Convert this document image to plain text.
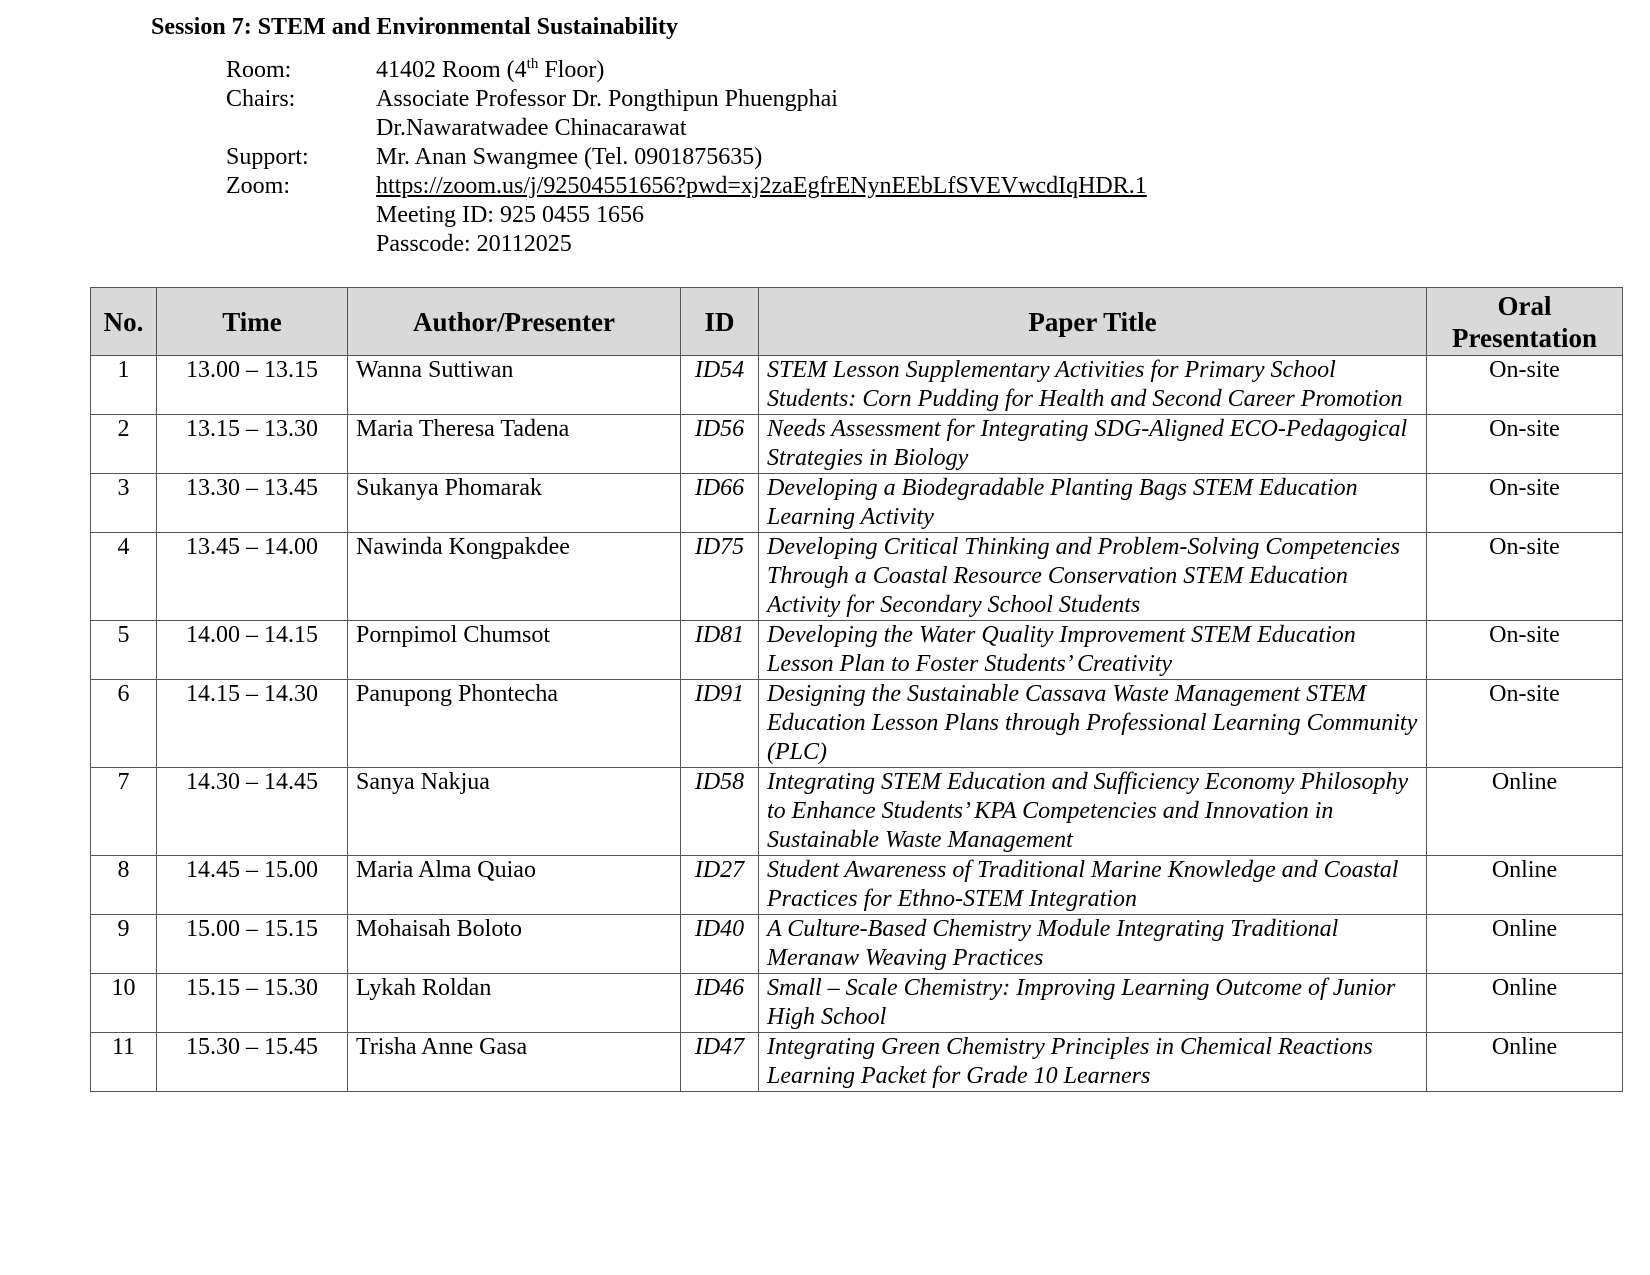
Session 7: STEM and Environmental Sustainability
Room:	41402 Room (4th Floor)
Chairs:	Associate Professor Dr. Pongthipun Phuengphai
Dr.Nawaratwadee Chinacarawat
Support:	Mr. Anan Swangmee (Tel. 0901875635)
Zoom:	https://zoom.us/j/92504551656?pwd=xj2zaEgfrENynEEbLfSVEVwcdIqHDR.1
Meeting ID: 925 0455 1656
Passcode: 20112025
No.	Time	Author/Presenter	ID	Paper Title	Oral
Presentation

1	13.00 – 13.15	Wanna Suttiwan	ID54	STEM Lesson Supplementary Activities for Primary School Students: Corn Pudding for Health and Second Career Promotion	On-site
2	13.15 – 13.30	Maria Theresa Tadena	ID56	Needs Assessment for Integrating SDG-Aligned ECO-Pedagogical Strategies in Biology	On-site
3	13.30 – 13.45	Sukanya Phomarak	ID66	Developing a Biodegradable Planting Bags STEM Education Learning Activity	On-site
4	13.45 – 14.00	Nawinda Kongpakdee	ID75	Developing Critical Thinking and Problem-Solving Competencies Through a Coastal Resource Conservation STEM Education Activity for Secondary School Students	On-site
5	14.00 – 14.15	Pornpimol Chumsot	ID81	Developing the Water Quality Improvement STEM Education Lesson Plan to Foster Students’ Creativity	On-site
6	14.15 – 14.30	Panupong Phontecha	ID91	Designing the Sustainable Cassava Waste Management STEM Education Lesson Plans through Professional Learning Community (PLC)	On-site
7	14.30 – 14.45	Sanya Nakjua	ID58	Integrating STEM Education and Sufficiency Economy Philosophy to Enhance Students’ KPA Competencies and Innovation in Sustainable Waste Management	Online
8	14.45 – 15.00	Maria Alma Quiao	ID27	Student Awareness of Traditional Marine Knowledge and Coastal Practices for Ethno-STEM Integration	Online
9	15.00 – 15.15	Mohaisah Boloto	ID40	A Culture-Based Chemistry Module Integrating Traditional Meranaw Weaving Practices	Online
10	15.15 – 15.30	Lykah Roldan	ID46	Small – Scale Chemistry: Improving Learning Outcome of Junior High School	Online
11	15.30 – 15.45	Trisha Anne Gasa	ID47	Integrating Green Chemistry Principles in Chemical Reactions Learning Packet for Grade 10 Learners	Online
